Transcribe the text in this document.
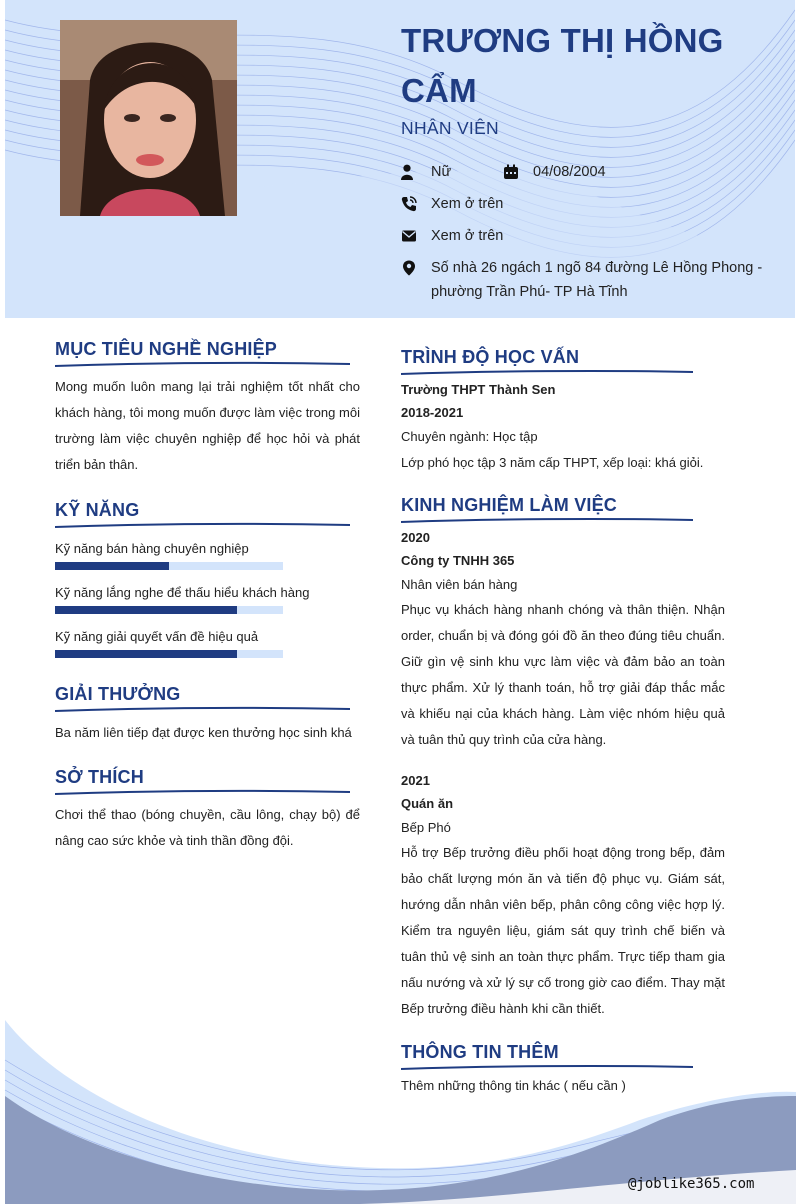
TRƯƠNG THỊ HỒNG CẨM
NHÂN VIÊN
Nữ	04/08/2004
Xem ở trên
Xem ở trên
Số nhà 26 ngách 1 ngõ 84 đường Lê Hồng Phong - phường Trần Phú- TP Hà Tĩnh
MỤC TIÊU NGHỀ NGHIỆP
Mong muốn luôn mang lại trải nghiệm tốt nhất cho khách hàng, tôi mong muốn được làm việc trong môi trường làm việc chuyên nghiệp để học hỏi và phát triển bản thân.
KỸ NĂNG
Kỹ năng bán hàng chuyên nghiệp
Kỹ năng lắng nghe để thấu hiểu khách hàng
Kỹ năng giải quyết vấn đề hiệu quả
GIẢI THƯỞNG
Ba năm liên tiếp đạt được ken thưởng học sinh khá
SỞ THÍCH
Chơi thể thao (bóng chuyền, cầu lông, chạy bộ) để nâng cao sức khỏe và tinh thần đồng đội.
TRÌNH ĐỘ HỌC VẤN
Trường THPT Thành Sen
2018-2021
Chuyên ngành: Học tập
Lớp phó học tập 3 năm cấp THPT, xếp loại: khá giỏi.
KINH NGHIỆM LÀM VIỆC
2020
Công ty TNHH 365
Nhân viên bán hàng
Phục vụ khách hàng nhanh chóng và thân thiện. Nhận order, chuẩn bị và đóng gói đồ ăn theo đúng tiêu chuẩn. Giữ gìn vệ sinh khu vực làm việc và đảm bảo an toàn thực phẩm. Xử lý thanh toán, hỗ trợ giải đáp thắc mắc và khiếu nại của khách hàng. Làm việc nhóm hiệu quả và tuân thủ quy trình của cửa hàng.
2021
Quán ăn
Bếp Phó
Hỗ trợ Bếp trưởng điều phối hoạt động trong bếp, đảm bảo chất lượng món ăn và tiến độ phục vụ. Giám sát, hướng dẫn nhân viên bếp, phân công công việc hợp lý. Kiểm tra nguyên liệu, giám sát quy trình chế biến và tuân thủ vệ sinh an toàn thực phẩm. Trực tiếp tham gia nấu nướng và xử lý sự cố trong giờ cao điểm. Thay mặt Bếp trưởng điều hành khi cần thiết.
THÔNG TIN THÊM
Thêm những thông tin khác ( nếu cần )
@joblike365.com
